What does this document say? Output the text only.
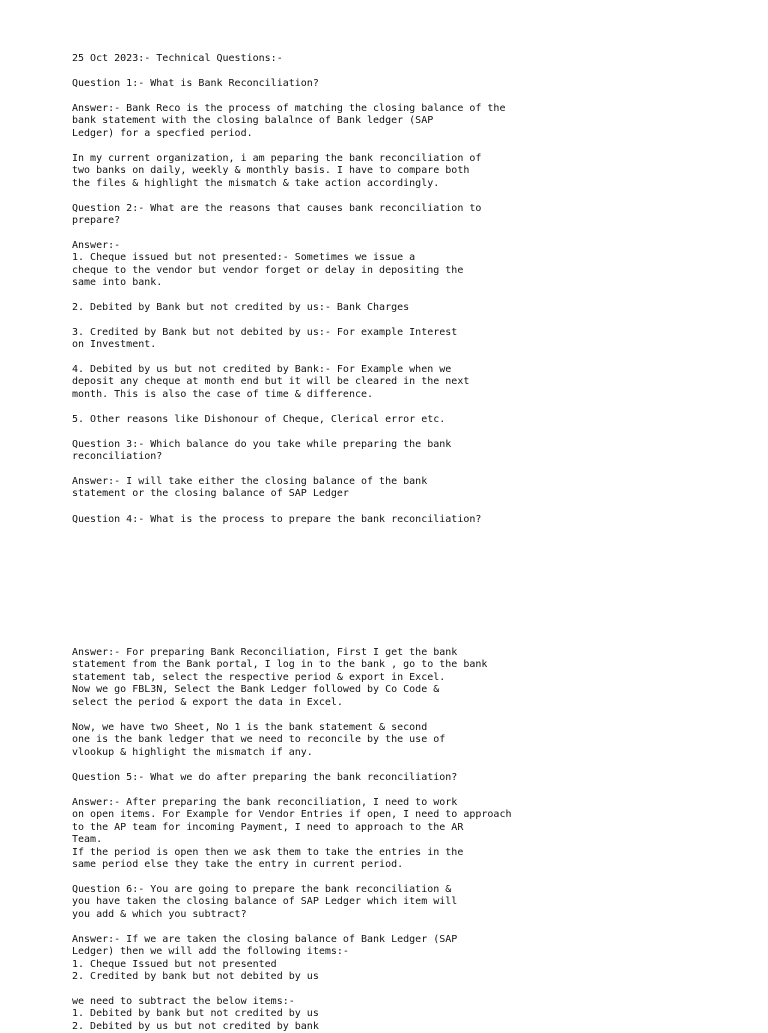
25 Oct 2023:- Technical Questions:-

Question 1:- What is Bank Reconciliation?

Answer:- Bank Reco is the process of matching the closing balance of the
bank statement with the closing balalnce of Bank ledger (SAP
Ledger) for a specfied period.

In my current organization, i am peparing the bank reconciliation of
two banks on daily, weekly & monthly basis. I have to compare both
the files & highlight the mismatch & take action accordingly.

Question 2:- What are the reasons that causes bank reconciliation to
prepare?

Answer:-
1. Cheque issued but not presented:- Sometimes we issue a
cheque to the vendor but vendor forget or delay in depositing the
same into bank.

2. Debited by Bank but not credited by us:- Bank Charges

3. Credited by Bank but not debited by us:- For example Interest
on Investment.

4. Debited by us but not credited by Bank:- For Example when we
deposit any cheque at month end but it will be cleared in the next
month. This is also the case of time & difference.

5. Other reasons like Dishonour of Cheque, Clerical error etc.

Question 3:- Which balance do you take while preparing the bank
reconciliation?

Answer:- I will take either the closing balance of the bank
statement or the closing balance of SAP Ledger

Question 4:- What is the process to prepare the bank reconciliation?

Answer:- For preparing Bank Reconciliation, First I get the bank
statement from the Bank portal, I log in to the bank , go to the bank
statement tab, select the respective period & export in Excel.
Now we go FBL3N, Select the Bank Ledger followed by Co Code &
select the period & export the data in Excel.

Now, we have two Sheet, No 1 is the bank statement & second
one is the bank ledger that we need to reconcile by the use of
vlookup & highlight the mismatch if any.

Question 5:- What we do after preparing the bank reconciliation?

Answer:- After preparing the bank reconciliation, I need to work
on open items. For Example for Vendor Entries if open, I need to approach
to the AP team for incoming Payment, I need to approach to the AR
Team.
If the period is open then we ask them to take the entries in the
same period else they take the entry in current period.

Question 6:- You are going to prepare the bank reconciliation &
you have taken the closing balance of SAP Ledger which item will
you add & which you subtract?

Answer:- If we are taken the closing balance of Bank Ledger (SAP
Ledger) then we will add the following items:-
1. Cheque Issued but not presented
2. Credited by bank but not debited by us

we need to subtract the below items:-
1. Debited by bank but not credited by us
2. Debited by us but not credited by bank
